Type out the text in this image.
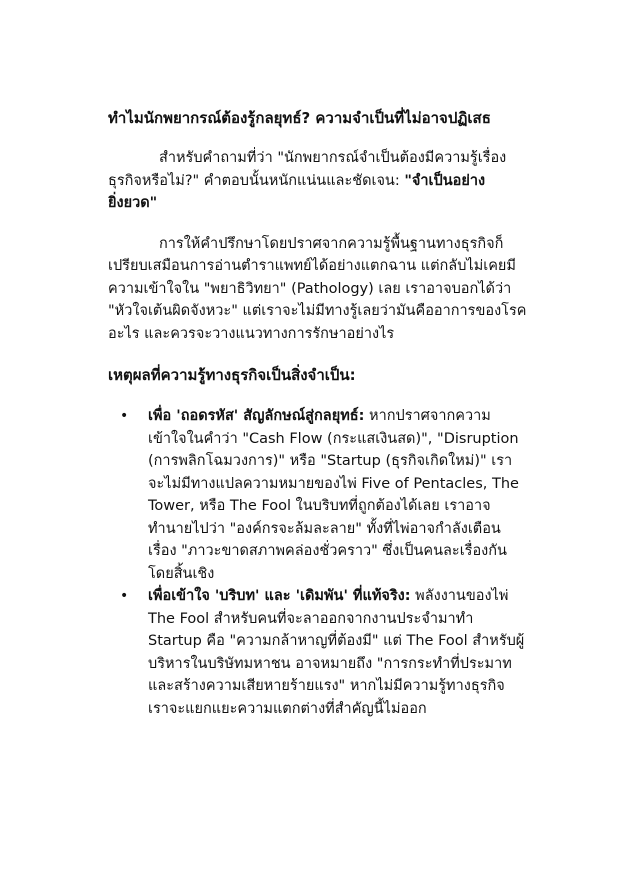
ทำไมนักพยากรณ์ต้องรู้กลยุทธ์? ความจำเป็นที่ไม่อาจปฏิเสธ

สำหรับคำถามที่ว่า "นักพยากรณ์จำเป็นต้องมีความรู้เรื่องธุรกิจหรือไม่?" คำตอบนั้นหนักแน่นและชัดเจน: "จำเป็นอย่างยิ่งยวด"

การให้คำปรึกษาโดยปราศจากความรู้พื้นฐานทางธุรกิจก็เปรียบเสมือนการอ่านตำราแพทย์ได้อย่างแตกฉาน แต่กลับไม่เคยมีความเข้าใจใน "พยาธิวิทยา" (Pathology) เลย เราอาจบอกได้ว่า "หัวใจเต้นผิดจังหวะ" แต่เราจะไม่มีทางรู้เลยว่ามันคืออาการของโรคอะไร และควรจะวางแนวทางการรักษาอย่างไร

เหตุผลที่ความรู้ทางธุรกิจเป็นสิ่งจำเป็น:
• เพื่อ 'ถอดรหัส' สัญลักษณ์สู่กลยุทธ์: หากปราศจากความเข้าใจในคำว่า "Cash Flow (กระแสเงินสด)", "Disruption (การพลิกโฉมวงการ)" หรือ "Startup (ธุรกิจเกิดใหม่)" เราจะไม่มีทางแปลความหมายของไพ่ Five of Pentacles, The Tower, หรือ The Fool ในบริบทที่ถูกต้องได้เลย เราอาจทำนายไปว่า "องค์กรจะล้มละลาย" ทั้งที่ไพ่อาจกำลังเตือนเรื่อง "ภาวะขาดสภาพคล่องชั่วคราว" ซึ่งเป็นคนละเรื่องกันโดยสิ้นเชิง
• เพื่อเข้าใจ 'บริบท' และ 'เดิมพัน' ที่แท้จริง: พลังงานของไพ่ The Fool สำหรับคนที่จะลาออกจากงานประจำมาทำ Startup คือ "ความกล้าหาญที่ต้องมี" แต่ The Fool สำหรับผู้บริหารในบริษัทมหาชน อาจหมายถึง "การกระทำที่ประมาทและสร้างความเสียหายร้ายแรง" หากไม่มีความรู้ทางธุรกิจ เราจะแยกแยะความแตกต่างที่สำคัญนี้ไม่ออก
